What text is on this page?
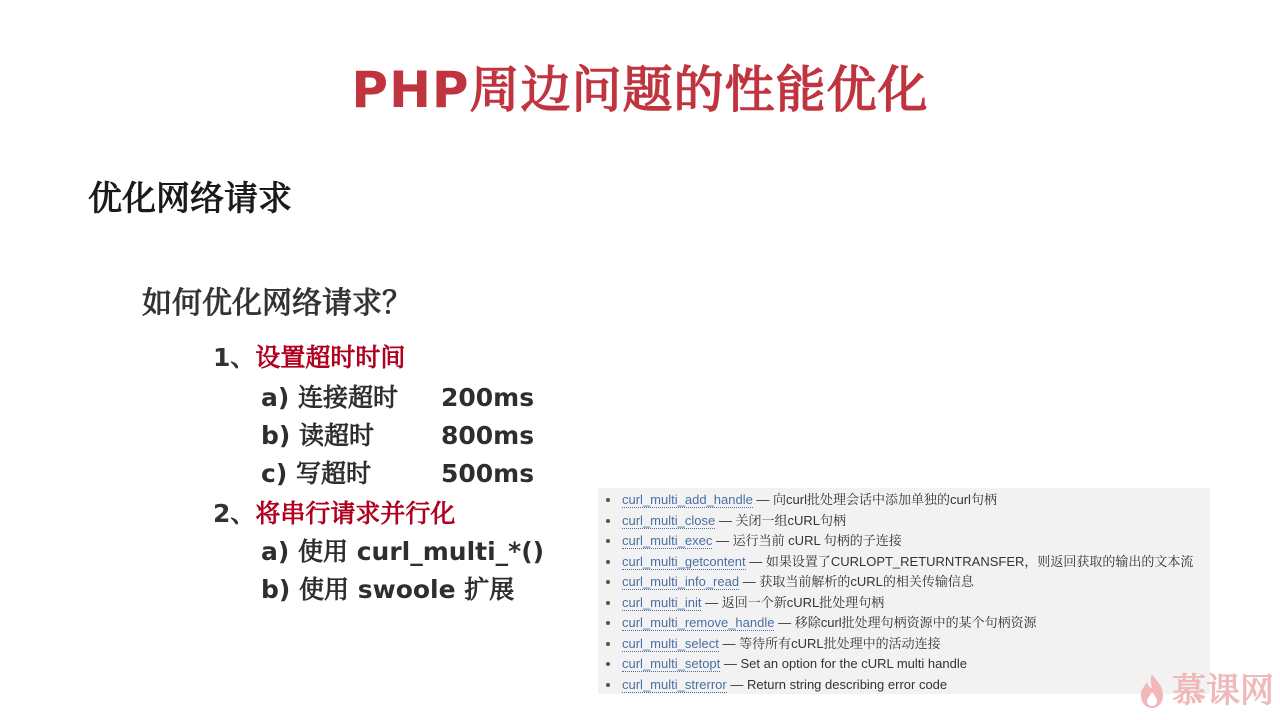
PHP周边问题的性能优化
优化网络请求
如何优化网络请求？
1、设置超时时间
a) 连接超时 200ms
b) 读超时	800ms
c) 写超时	500ms
2、将串行请求并行化
a) 使用 curl_multi_*()
b) 使用 swoole 扩展
curl_multi_add_handle — 向curl批处理会话中添加单独的curl句柄
curl_multi_close — 关闭一组cURL句柄
curl_multi_exec — 运行当前 cURL 句柄的子连接
curl_multi_getcontent — 如果设置了CURLOPT_RETURNTRANSFER，则返回获取的输出的文本流
curl_multi_info_read — 获取当前解析的cURL的相关传输信息
curl_multi_init — 返回一个新cURL批处理句柄
curl_multi_remove_handle — 移除curl批处理句柄资源中的某个句柄资源
curl_multi_select — 等待所有cURL批处理中的活动连接
curl_multi_setopt — Set an option for the cURL multi handle
curl_multi_strerror — Return string describing error code	慕课网
